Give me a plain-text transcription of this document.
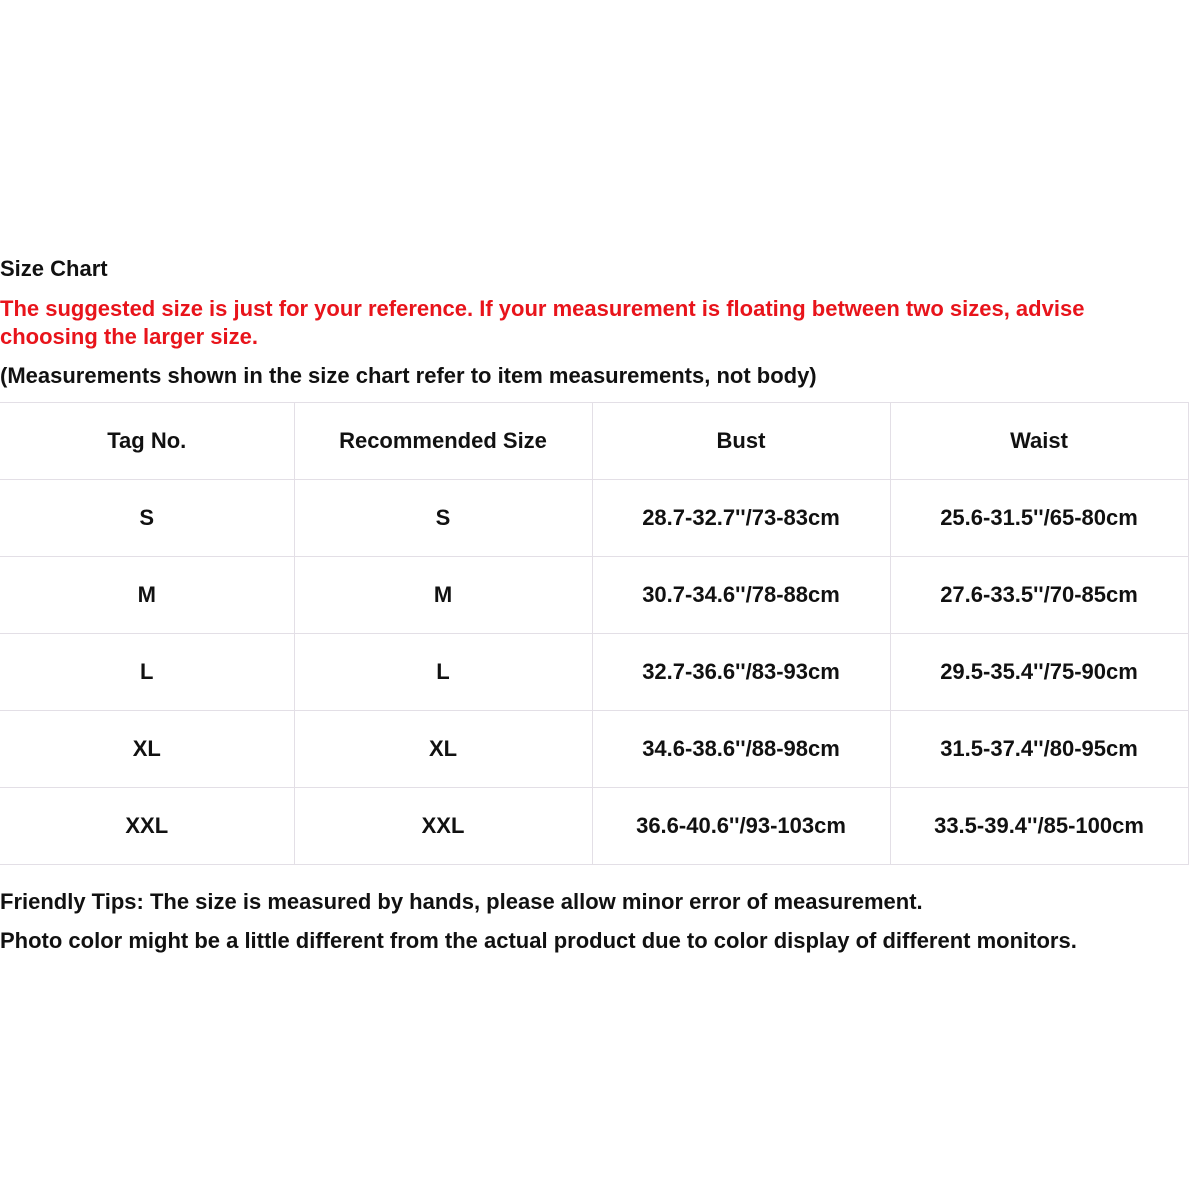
Size Chart

The suggested size is just for your reference. If your measurement is floating between two sizes, advise choosing the larger size.

(Measurements shown in the size chart refer to item measurements, not body)

Tag No.	Recommended Size	Bust	Waist
S	S	28.7-32.7''/73-83cm	25.6-31.5''/65-80cm
M	M	30.7-34.6''/78-88cm	27.6-33.5''/70-85cm
L	L	32.7-36.6''/83-93cm	29.5-35.4''/75-90cm
XL	XL	34.6-38.6''/88-98cm	31.5-37.4''/80-95cm
XXL	XXL	36.6-40.6''/93-103cm	33.5-39.4''/85-100cm

Friendly Tips: The size is measured by hands, please allow minor error of measurement.

Photo color might be a little different from the actual product due to color display of different monitors.
